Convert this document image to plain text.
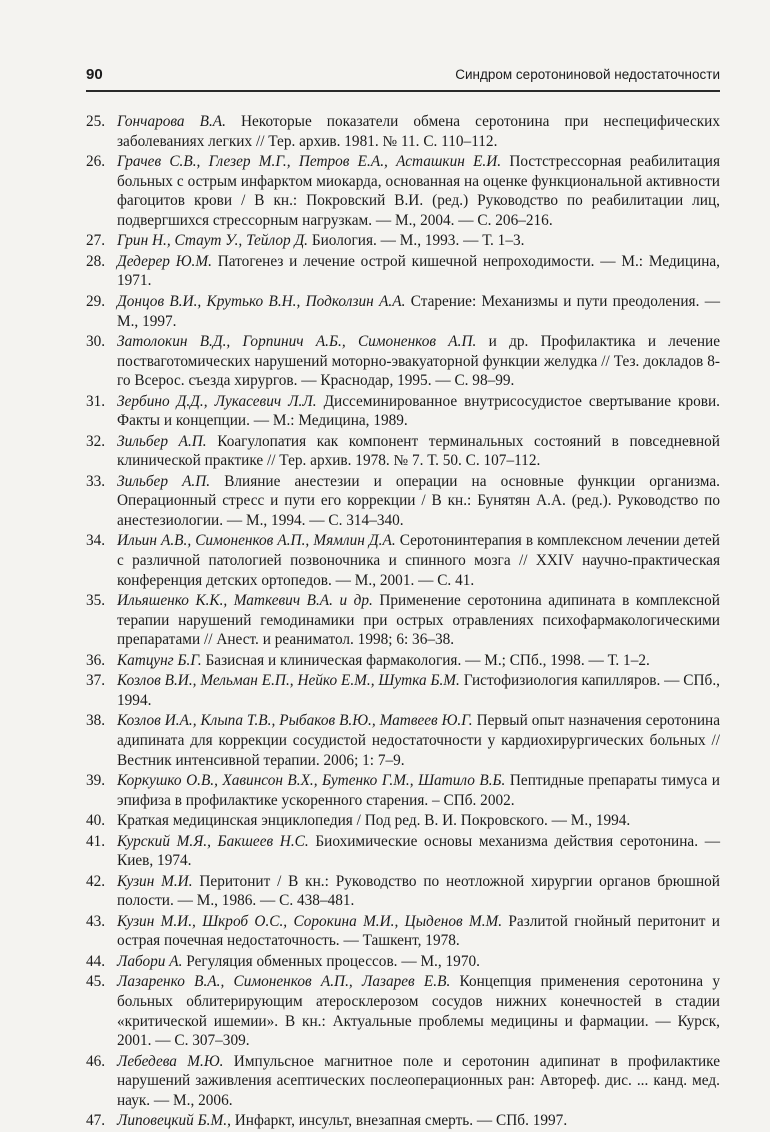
90	Синдром серотониновой недостаточности
25. Гончарова В.А. Некоторые показатели обмена серотонина при неспецифических заболеваниях легких // Тер. архив. 1981. № 11. С. 110–112.
26. Грачев С.В., Глезер М.Г., Петров Е.А., Асташкин Е.И. Постстрессорная реабилитация больных с острым инфарктом миокарда, основанная на оценке функциональной активности фагоцитов крови / В кн.: Покровский В.И. (ред.) Руководство по реабилитации лиц, подвергшихся стрессорным нагрузкам. — М., 2004. — С. 206–216.
27. Грин Н., Стаут У., Тейлор Д. Биология. — М., 1993. — Т. 1–3.
28. Дедерер Ю.М. Патогенез и лечение острой кишечной непроходимости. — М.: Медицина, 1971.
29. Донцов В.И., Крутько В.Н., Подколзин А.А. Старение: Механизмы и пути преодоления. — М., 1997.
30. Затолокин В.Д., Горпинич А.Б., Симоненков А.П. и др. Профилактика и лечение постваготомических нарушений моторно-эвакуаторной функции желудка // Тез. докладов 8-го Всерос. съезда хирургов. — Краснодар, 1995. — С. 98–99.
31. Зербино Д.Д., Лукасевич Л.Л. Диссеминированное внутрисосудистое свертывание крови. Факты и концепции. — М.: Медицина, 1989.
32. Зильбер А.П. Коагулопатия как компонент терминальных состояний в повседневной клинической практике // Тер. архив. 1978. № 7. Т. 50. С. 107–112.
33. Зильбер А.П. Влияние анестезии и операции на основные функции организма. Операционный стресс и пути его коррекции / В кн.: Бунятян А.А. (ред.). Руководство по анестезиологии. — М., 1994. — С. 314–340.
34. Ильин А.В., Симоненков А.П., Мямлин Д.А. Серотонинтерапия в комплексном лечении детей с различной патологией позвоночника и спинного мозга // XXIV научно-практическая конференция детских ортопедов. — М., 2001. — С. 41.
35. Ильяшенко К.К., Маткевич В.А. и др. Применение серотонина адипината в комплексной терапии нарушений гемодинамики при острых отравлениях психофармакологическими препаратами // Анест. и реаниматол. 1998; 6: 36–38.
36. Катцунг Б.Г. Базисная и клиническая фармакология. — М.; СПб., 1998. — Т. 1–2.
37. Козлов В.И., Мельман Е.П., Нейко Е.М., Шутка Б.М. Гистофизиология капилляров. — СПб., 1994.
38. Козлов И.А., Клыпа Т.В., Рыбаков В.Ю., Матвеев Ю.Г. Первый опыт назначения серотонина адипината для коррекции сосудистой недостаточности у кардиохирургических больных // Вестник интенсивной терапии. 2006; 1: 7–9.
39. Коркушко О.В., Хавинсон В.Х., Бутенко Г.М., Шатило В.Б. Пептидные препараты тимуса и эпифиза в профилактике ускоренного старения. – СПб. 2002.
40. Краткая медицинская энциклопедия / Под ред. В. И. Покровского. — М., 1994.
41. Курский М.Я., Бакшеев Н.С. Биохимические основы механизма действия серотонина. — Киев, 1974.
42. Кузин М.И. Перитонит / В кн.: Руководство по неотложной хирургии органов брюшной полости. — М., 1986. — С. 438–481.
43. Кузин М.И., Шкроб О.С., Сорокина М.И., Цыденов М.М. Разлитой гнойный перитонит и острая почечная недостаточность. — Ташкент, 1978.
44. Лабори А. Регуляция обменных процессов. — М., 1970.
45. Лазаренко В.А., Симоненков А.П., Лазарев Е.В. Концепция применения серотонина у больных облитерирующим атеросклерозом сосудов нижних конечностей в стадии «критической ишемии». В кн.: Актуальные проблемы медицины и фармации. — Курск, 2001. — С. 307–309.
46. Лебедева М.Ю. Импульсное магнитное поле и серотонин адипинат в профилактике нарушений заживления асептических послеоперационных ран: Автореф. дис. ... канд. мед. наук. — М., 2006.
47. Липовецкий Б.М., Инфаркт, инсульт, внезапная смерть. — СПб. 1997.
